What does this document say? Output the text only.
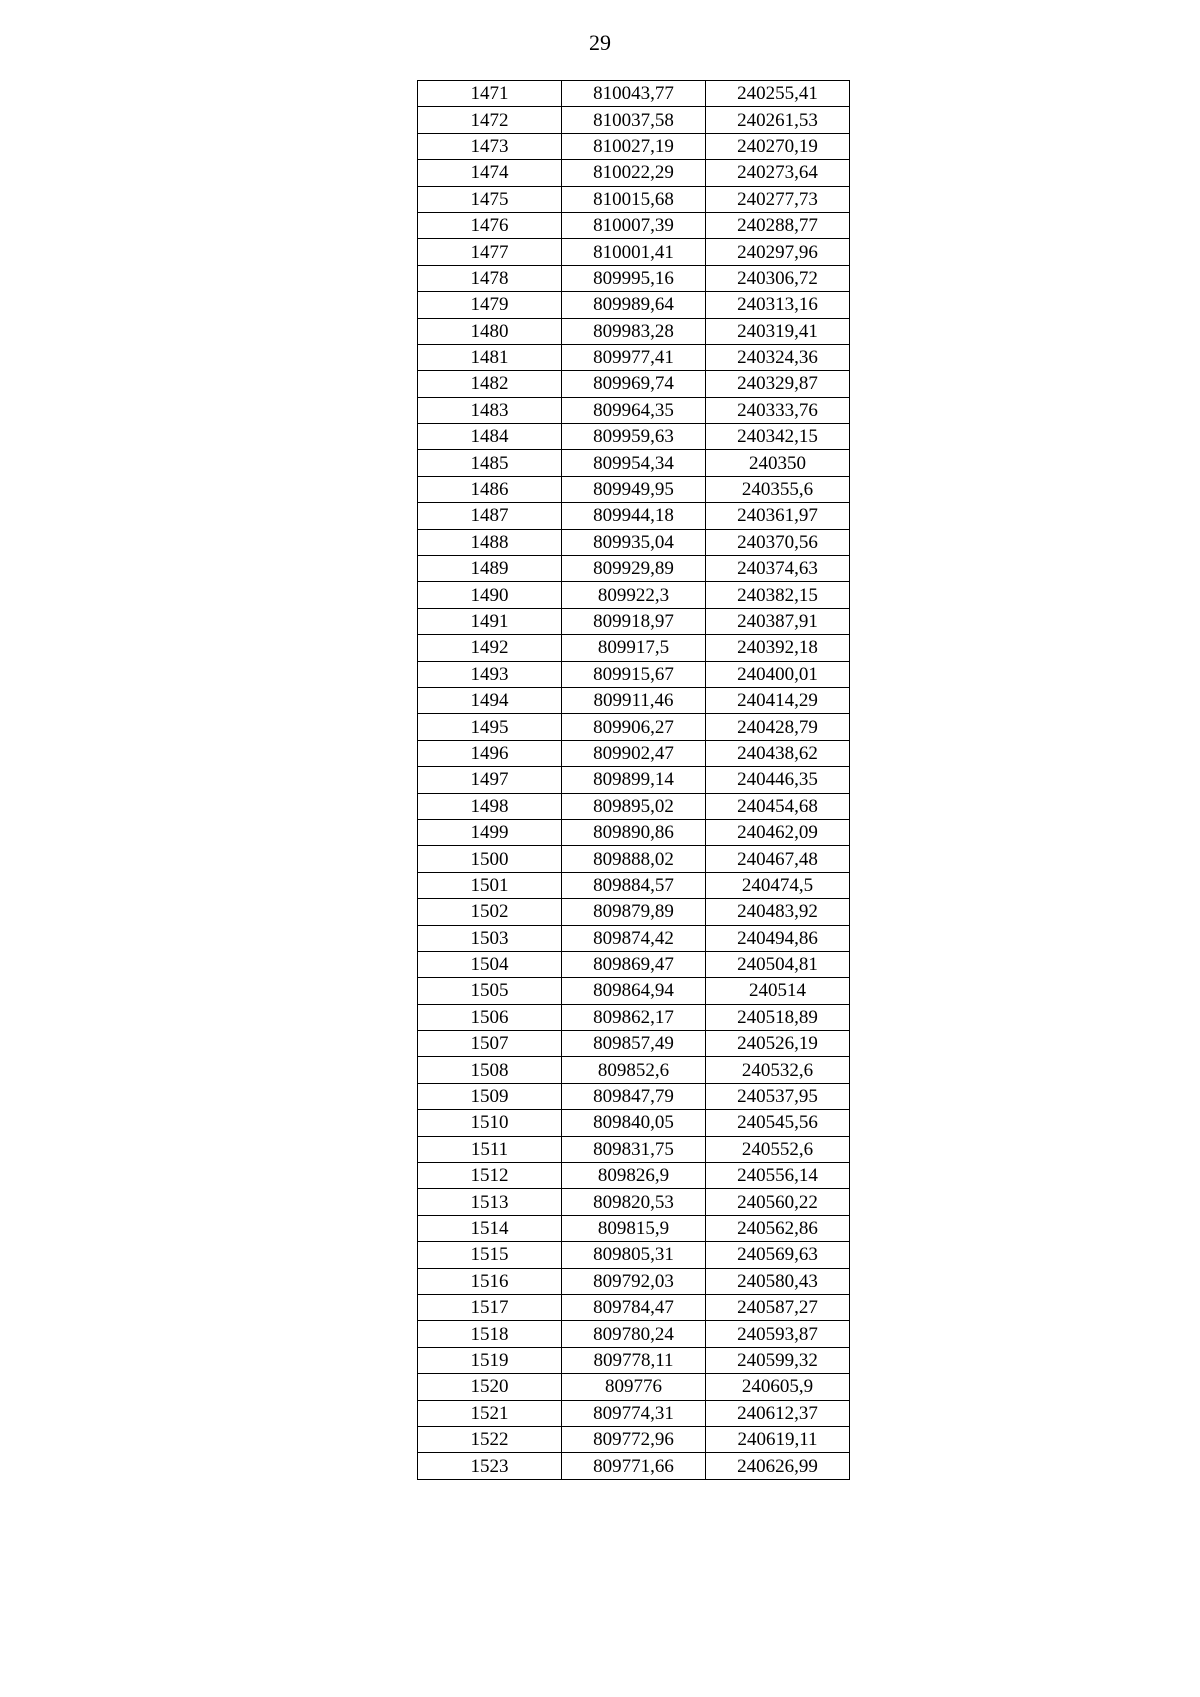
29
1471	810043,77	240255,41
1472	810037,58	240261,53
1473	810027,19	240270,19
1474	810022,29	240273,64
1475	810015,68	240277,73
1476	810007,39	240288,77
1477	810001,41	240297,96
1478	809995,16	240306,72
1479	809989,64	240313,16
1480	809983,28	240319,41
1481	809977,41	240324,36
1482	809969,74	240329,87
1483	809964,35	240333,76
1484	809959,63	240342,15
1485	809954,34	240350
1486	809949,95	240355,6
1487	809944,18	240361,97
1488	809935,04	240370,56
1489	809929,89	240374,63
1490	809922,3	240382,15
1491	809918,97	240387,91
1492	809917,5	240392,18
1493	809915,67	240400,01
1494	809911,46	240414,29
1495	809906,27	240428,79
1496	809902,47	240438,62
1497	809899,14	240446,35
1498	809895,02	240454,68
1499	809890,86	240462,09
1500	809888,02	240467,48
1501	809884,57	240474,5
1502	809879,89	240483,92
1503	809874,42	240494,86
1504	809869,47	240504,81
1505	809864,94	240514
1506	809862,17	240518,89
1507	809857,49	240526,19
1508	809852,6	240532,6
1509	809847,79	240537,95
1510	809840,05	240545,56
1511	809831,75	240552,6
1512	809826,9	240556,14
1513	809820,53	240560,22
1514	809815,9	240562,86
1515	809805,31	240569,63
1516	809792,03	240580,43
1517	809784,47	240587,27
1518	809780,24	240593,87
1519	809778,11	240599,32
1520	809776	240605,9
1521	809774,31	240612,37
1522	809772,96	240619,11
1523	809771,66	240626,99
